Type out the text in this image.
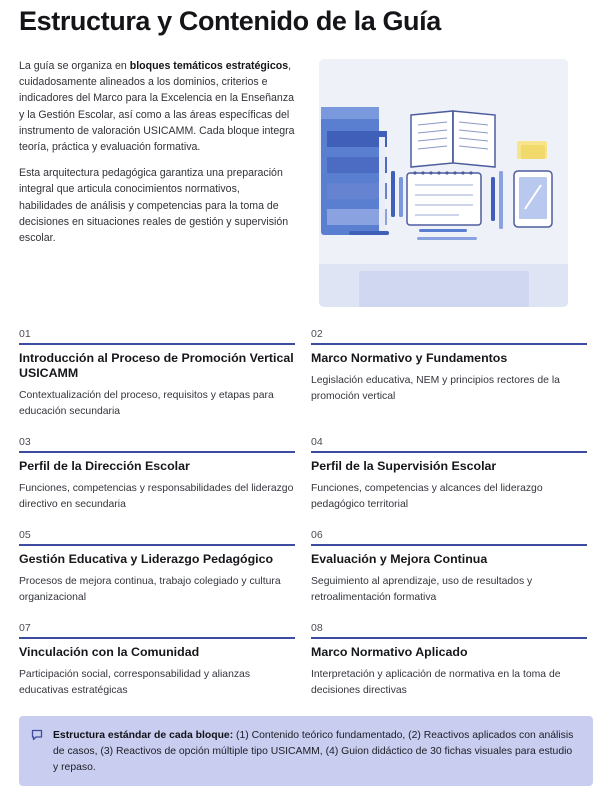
Estructura y Contenido de la Guía

La guía se organiza en bloques temáticos estratégicos, cuidadosamente alineados a los dominios, criterios e indicadores del Marco para la Excelencia en la Enseñanza y la Gestión Escolar, así como a las áreas específicas del instrumento de valoración USICAMM. Cada bloque integra teoría, práctica y evaluación formativa.

Esta arquitectura pedagógica garantiza una preparación integral que articula conocimientos normativos, habilidades de análisis y competencias para la toma de decisiones en situaciones reales de gestión y supervisión escolar.

01
Introducción al Proceso de Promoción Vertical USICAMM
Contextualización del proceso, requisitos y etapas para educación secundaria
02
Marco Normativo y Fundamentos
Legislación educativa, NEM y principios rectores de la promoción vertical
03
Perfil de la Dirección Escolar
Funciones, competencias y responsabilidades del liderazgo directivo en secundaria
04
Perfil de la Supervisión Escolar
Funciones, competencias y alcances del liderazgo pedagógico territorial
05
Gestión Educativa y Liderazgo Pedagógico
Procesos de mejora continua, trabajo colegiado y cultura organizacional
06
Evaluación y Mejora Continua
Seguimiento al aprendizaje, uso de resultados y retroalimentación formativa
07
Vinculación con la Comunidad
Participación social, corresponsabilidad y alianzas educativas estratégicas
08
Marco Normativo Aplicado
Interpretación y aplicación de normativa en la toma de decisiones directivas
Estructura estándar de cada bloque: (1) Contenido teórico fundamentado, (2) Reactivos aplicados con análisis de casos, (3) Reactivos de opción múltiple tipo USICAMM, (4) Guion didáctico de 30 fichas visuales para estudio y repaso.
